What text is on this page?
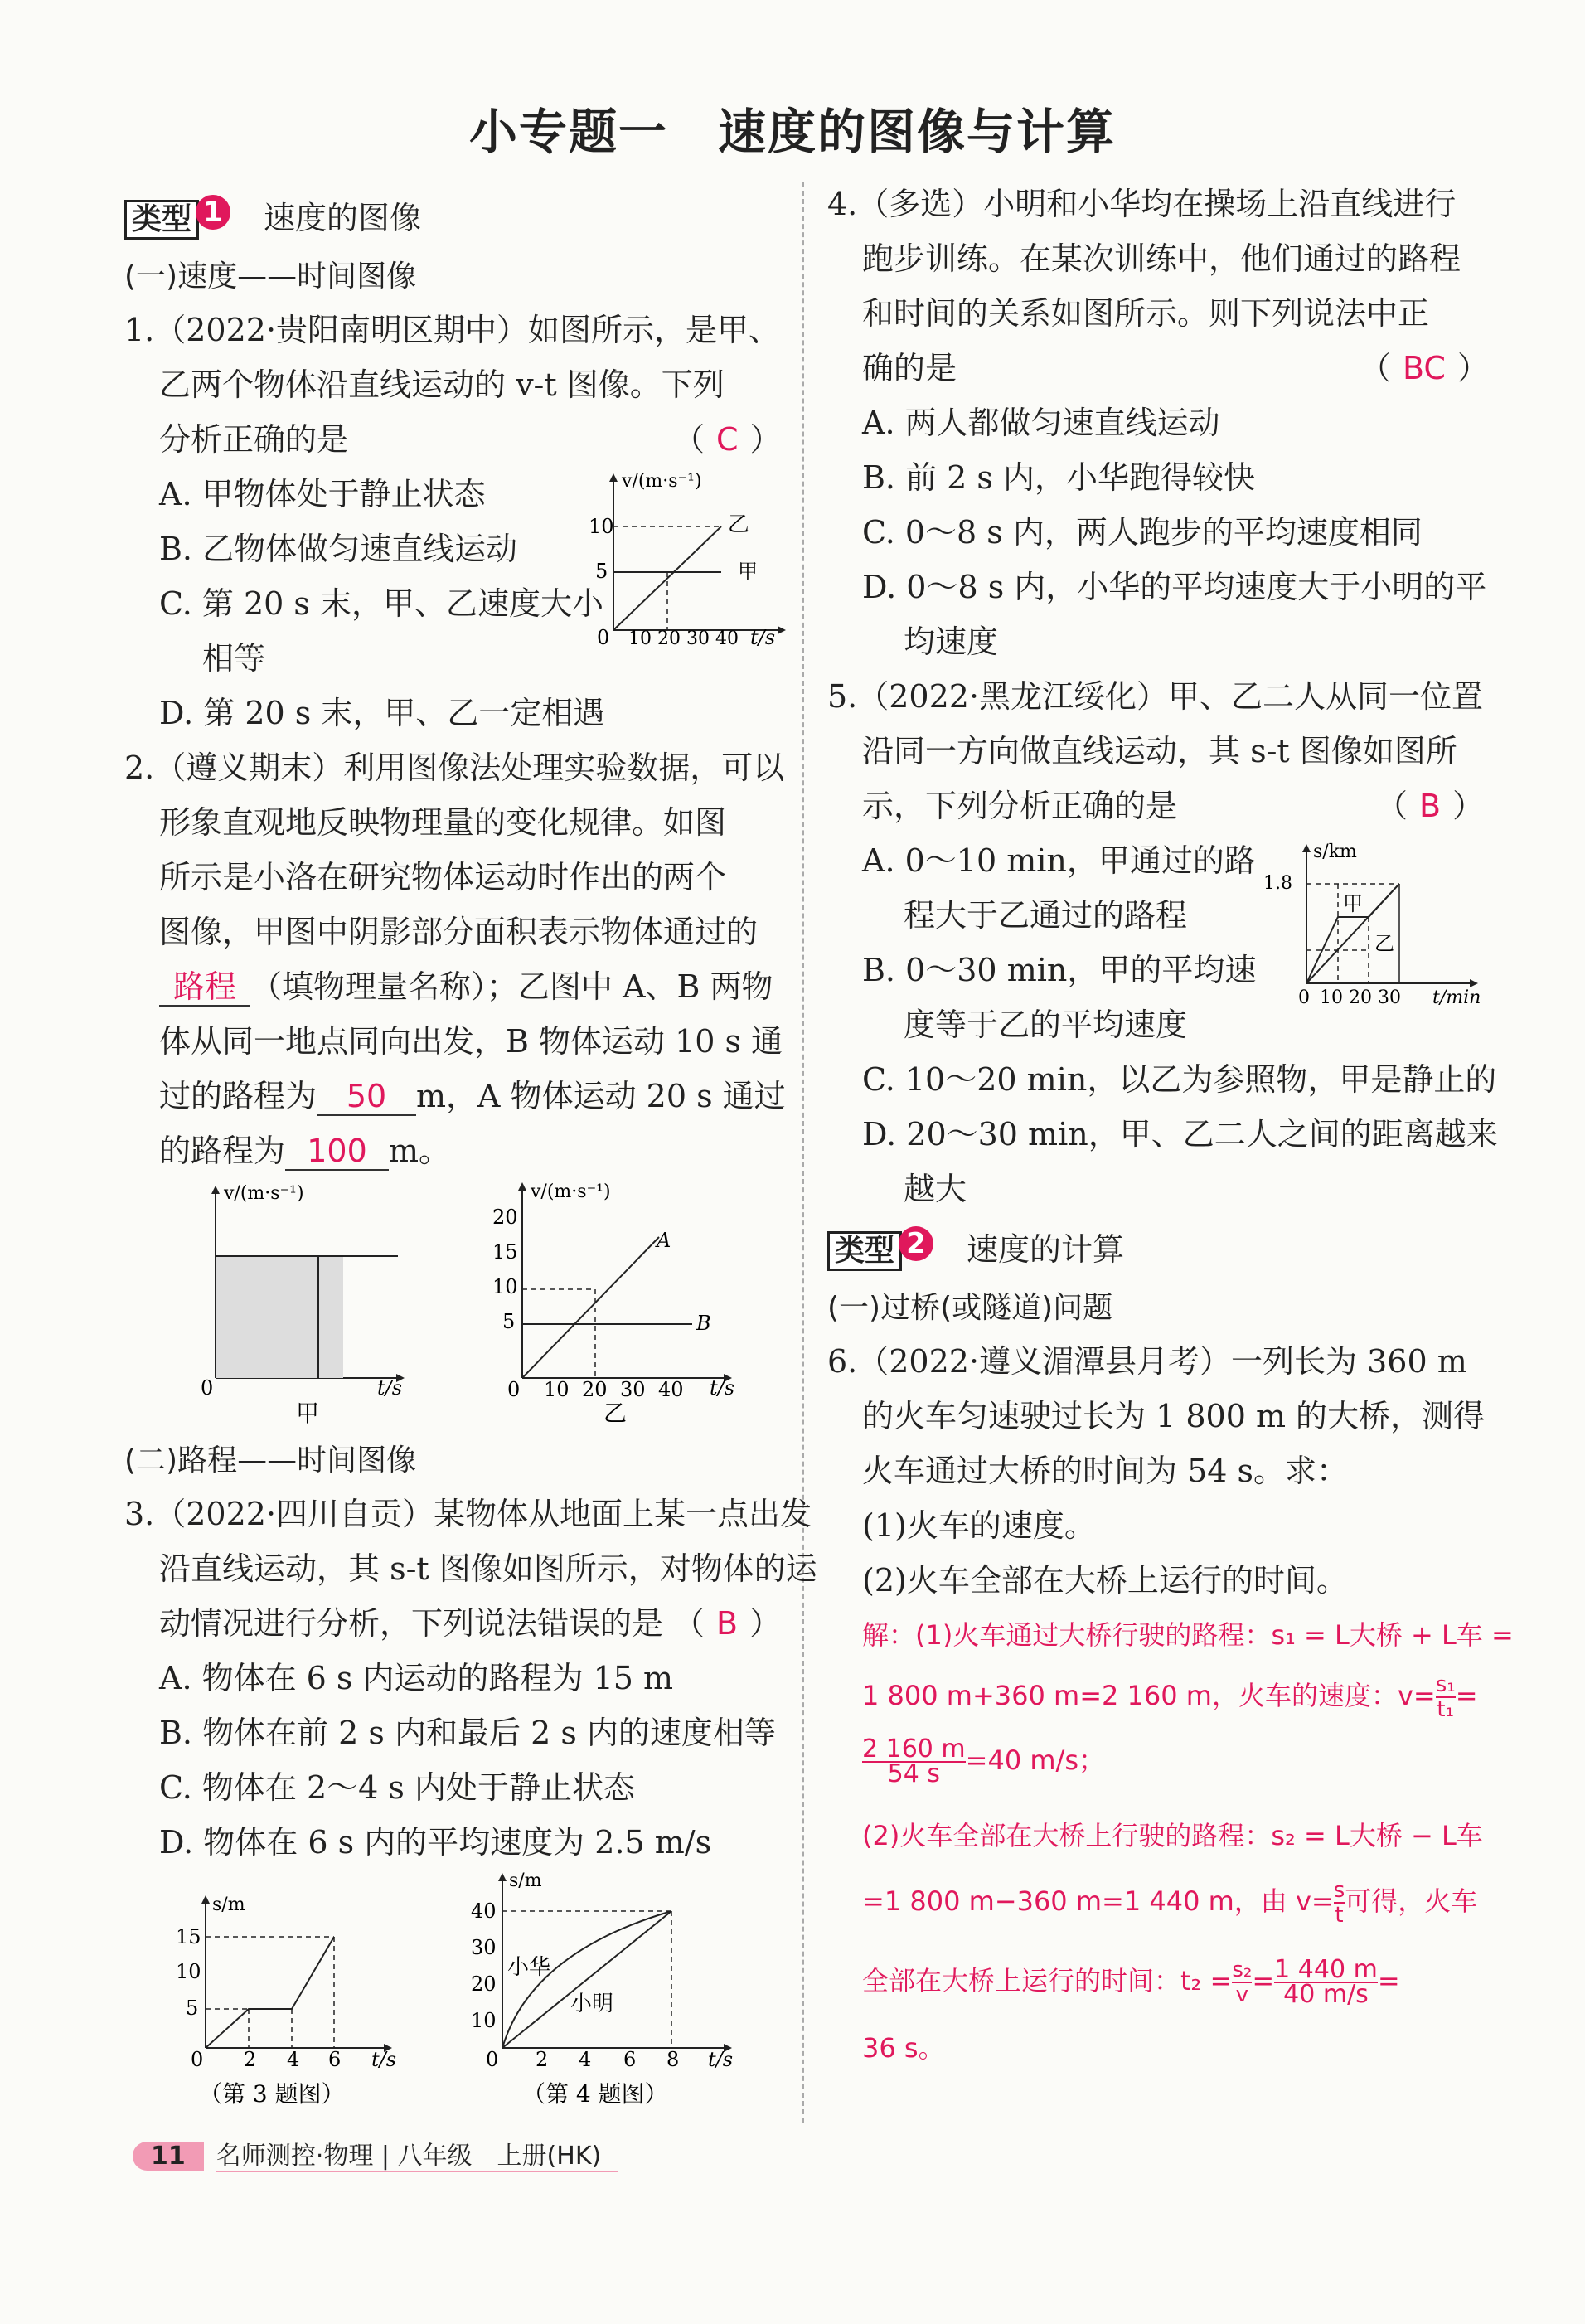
小专题一　速度的图像与计算
类型 1 速度的图像
(一)速度——时间图像
1.（2022·贵阳南明区期中）如图所示，是甲、
乙两个物体沿直线运动的 v-t 图像。下列
分析正确的是	（ C ）
A. 甲物体处于静止状态
B. 乙物体做匀速直线运动
C. 第 20 s 末，甲、乙速度大小
相等
D. 第 20 s 末，甲、乙一定相遇
v/(m·s⁻¹)
t/s
10
5
0 10 20 30 40
乙
甲
2.（遵义期末）利用图像法处理实验数据，可以
形象直观地反映物理量的变化规律。如图
所示是小洛在研究物体运动时作出的两个
图像，甲图中阴影部分面积表示物体通过的
路程 （填物理量名称）；乙图中 A、B 两物
体从同一地点同向出发，B 物体运动 10 s 通
过的路程为 50 m，A 物体运动 20 s 通过
的路程为 100 m。
v/(m·s⁻¹)
t/s
0
甲
v/(m·s⁻¹)
t/s
20
15
10
5
0 10 20 30 40
A
B
乙
(二)路程——时间图像
3.（2022·四川自贡）某物体从地面上某一点出发
沿直线运动，其 s-t 图像如图所示，对物体的运
动情况进行分析，下列说法错误的是 （ B ）
A. 物体在 6 s 内运动的路程为 15 m
B. 物体在前 2 s 内和最后 2 s 内的速度相等
C. 物体在 2～4 s 内处于静止状态
D. 物体在 6 s 内的平均速度为 2.5 m/s
s/m
t/s
15
10
5
0 2 4 6
（第 3 题图）
s/m
t/s
40
30
20
10
0 2 4 6 8
小华
小明
（第 4 题图）
4.（多选）小明和小华均在操场上沿直线进行
跑步训练。在某次训练中，他们通过的路程
和时间的关系如图所示。则下列说法中正
确的是	（ BC ）
A. 两人都做匀速直线运动
B. 前 2 s 内，小华跑得较快
C. 0～8 s 内，两人跑步的平均速度相同
D. 0～8 s 内，小华的平均速度大于小明的平
均速度
5.（2022·黑龙江绥化）甲、乙二人从同一位置
沿同一方向做直线运动，其 s-t 图像如图所
示，下列分析正确的是	（ B ）
A. 0～10 min，甲通过的路
程大于乙通过的路程
B. 0～30 min，甲的平均速
度等于乙的平均速度
C. 10～20 min，以乙为参照物，甲是静止的
D. 20～30 min，甲、乙二人之间的距离越来
越大
s/km
t/min
1.8
0 10 20 30
甲
乙
类型 2 速度的计算
(一)过桥(或隧道)问题
6.（2022·遵义湄潭县月考）一列长为 360 m
的火车匀速驶过长为 1 800 m 的大桥，测得
火车通过大桥的时间为 54 s。求：
(1)火车的速度。
(2)火车全部在大桥上运行的时间。
解：(1)火车通过大桥行驶的路程：s₁ = L大桥 + L车 =
1 800 m+360 m=2 160 m，火车的速度：$v= \frac{\text{s₁}}{\text{t₁}}$ =
$\frac{2 160 m}{54 s} =40$ m/s；
(2)火车全部在大桥上行驶的路程：s₂ = L大桥 − L车
=1 800 m−360 m=1 440 m，由 $v= \frac{s}{t}$ 可得，火车
全部在大桥上运行的时间：$t_2 = \frac{\text{s₂}}{v} = \frac{1 440 m}{40 m/s}$ =
36 s。
11 名师测控·物理 | 八年级　上册(HK)
